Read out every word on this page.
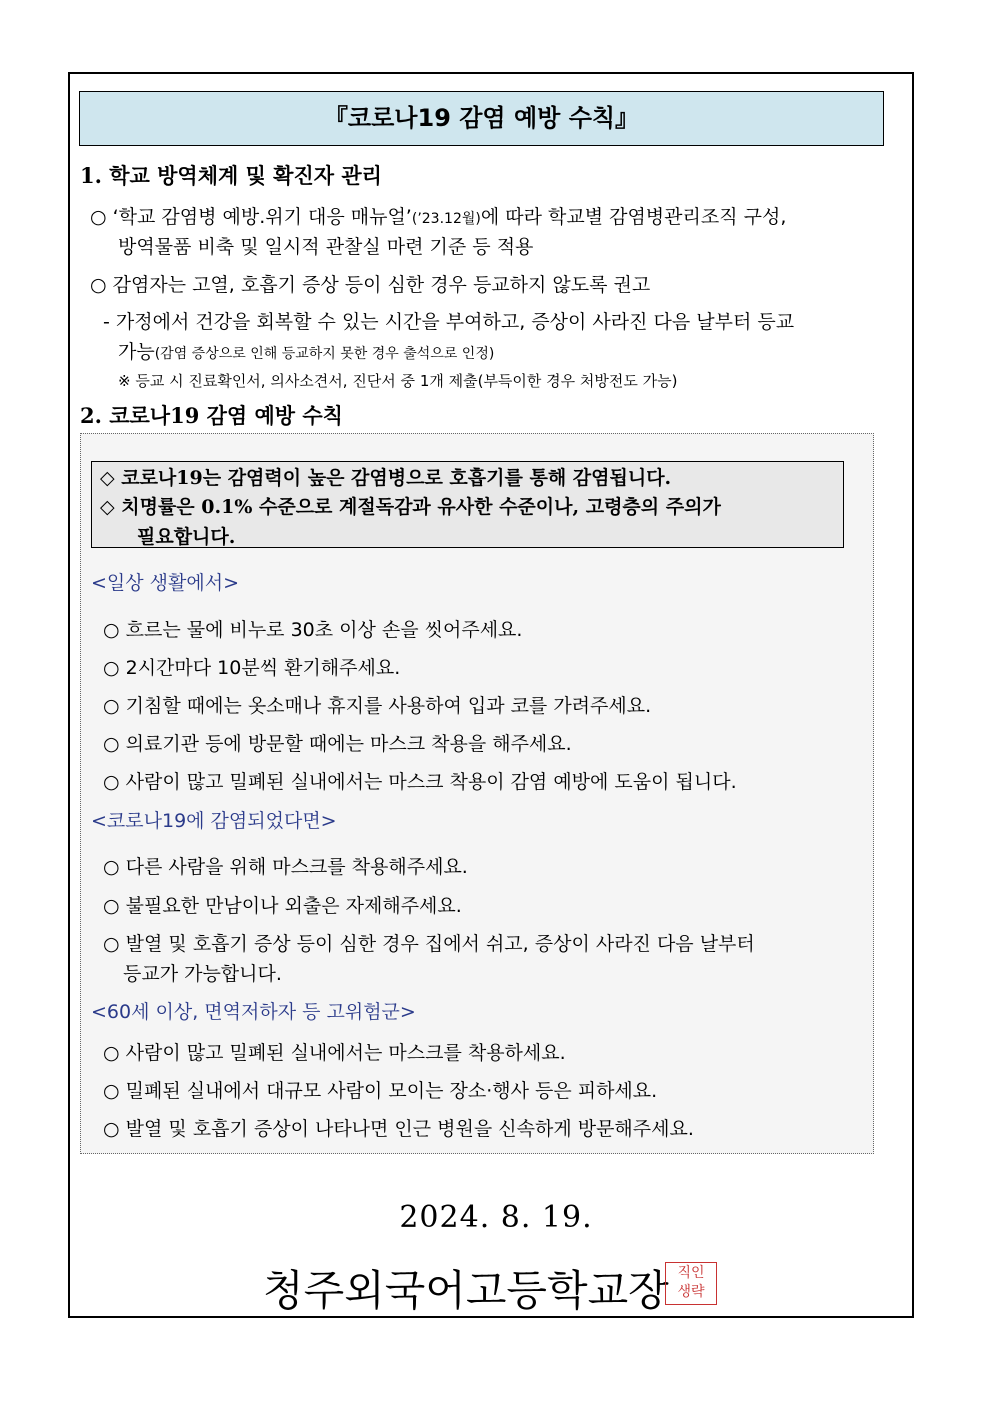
『코로나19 감염 예방 수칙』
1. 학교 방역체계 및 확진자 관리
○ ‘학교 감염병 예방.위기 대응 매뉴얼’(’23.12월)에 따라 학교별 감염병관리조직 구성,
방역물품 비축 및 일시적 관찰실 마련 기준 등 적용
○ 감염자는 고열, 호흡기 증상 등이 심한 경우 등교하지 않도록 권고
- 가정에서 건강을 회복할 수 있는 시간을 부여하고, 증상이 사라진 다음 날부터 등교
가능(감염 증상으로 인해 등교하지 못한 경우 출석으로 인정)
※ 등교 시 진료확인서, 의사소견서, 진단서 중 1개 제출(부득이한 경우 처방전도 가능)
2. 코로나19 감염 예방 수칙
◇ 코로나19는 감염력이 높은 감염병으로 호흡기를 통해 감염됩니다.
◇ 치명률은 0.1% 수준으로 계절독감과 유사한 수준이나, 고령층의 주의가
필요합니다.
<일상 생활에서>
○ 흐르는 물에 비누로 30초 이상 손을 씻어주세요.
○ 2시간마다 10분씩 환기해주세요.
○ 기침할 때에는 옷소매나 휴지를 사용하여 입과 코를 가려주세요.
○ 의료기관 등에 방문할 때에는 마스크 착용을 해주세요.
○ 사람이 많고 밀폐된 실내에서는 마스크 착용이 감염 예방에 도움이 됩니다.
<코로나19에 감염되었다면>
○ 다른 사람을 위해 마스크를 착용해주세요.
○ 불필요한 만남이나 외출은 자제해주세요.
○ 발열 및 호흡기 증상 등이 심한 경우 집에서 쉬고, 증상이 사라진 다음 날부터
등교가 가능합니다.
<60세 이상, 면역저하자 등 고위험군>
○ 사람이 많고 밀폐된 실내에서는 마스크를 착용하세요.
○ 밀폐된 실내에서 대규모 사람이 모이는 장소·행사 등은 피하세요.
○ 발열 및 호흡기 증상이 나타나면 인근 병원을 신속하게 방문해주세요.
2024. 8. 19.
청주외국어고등학교장 직인
생략
